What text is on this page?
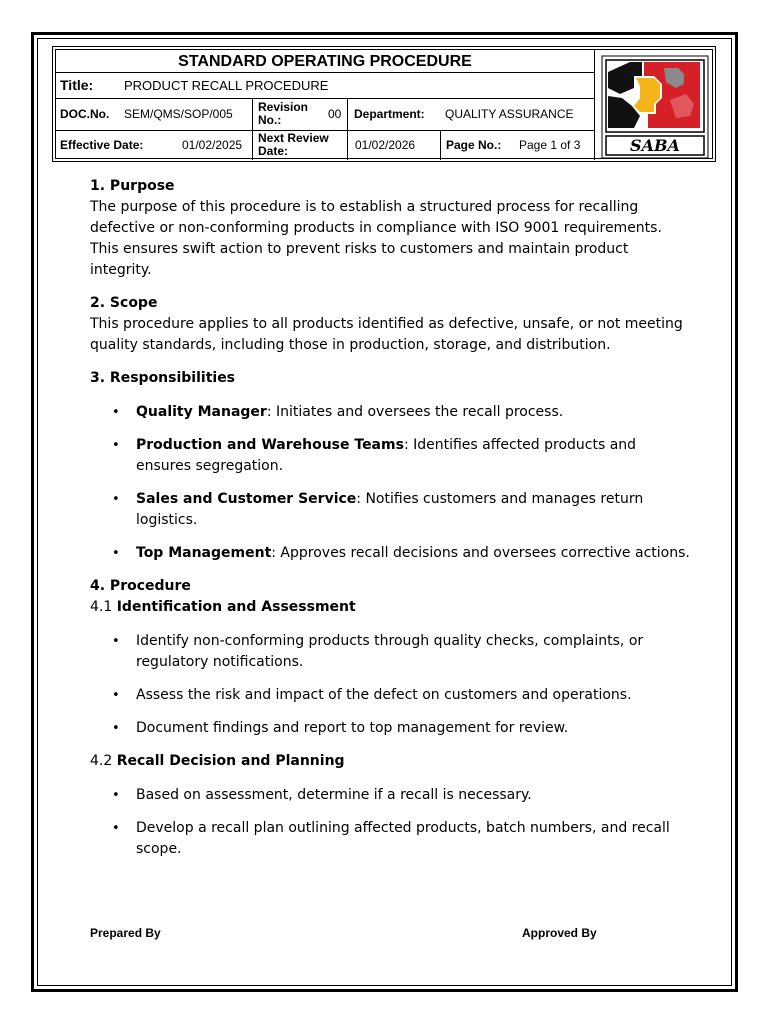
STANDARD OPERATING PROCEDURE
Title: PRODUCT RECALL PROCEDURE
DOC.No. SEM/QMS/SOP/005 Revision No.:	00 Department: QUALITY ASSURANCE
Effective Date:	01/02/2025 Next Review Date:	01/02/2026	Page No.: Page 1 of 3	SABA
1. Purpose

The purpose of this procedure is to establish a structured process for recalling defective or non-conforming products in compliance with ISO 9001 requirements. This ensures swift action to prevent risks to customers and maintain product integrity.

2. Scope

This procedure applies to all products identified as defective, unsafe, or not meeting quality standards, including those in production, storage, and distribution.

3. Responsibilities
• Quality Manager: Initiates and oversees the recall process.
• Production and Warehouse Teams: Identifies affected products and ensures segregation.
• Sales and Customer Service: Notifies customers and manages return logistics.
• Top Management: Approves recall decisions and oversees corrective actions.
4. Procedure

4.1 Identification and Assessment

• Identify non-conforming products through quality checks, complaints, or regulatory notifications.
• Assess the risk and impact of the defect on customers and operations.
• Document findings and report to top management for review.

4.2 Recall Decision and Planning

• Based on assessment, determine if a recall is necessary.
• Develop a recall plan outlining affected products, batch numbers, and recall scope.
Prepared By	Approved By
